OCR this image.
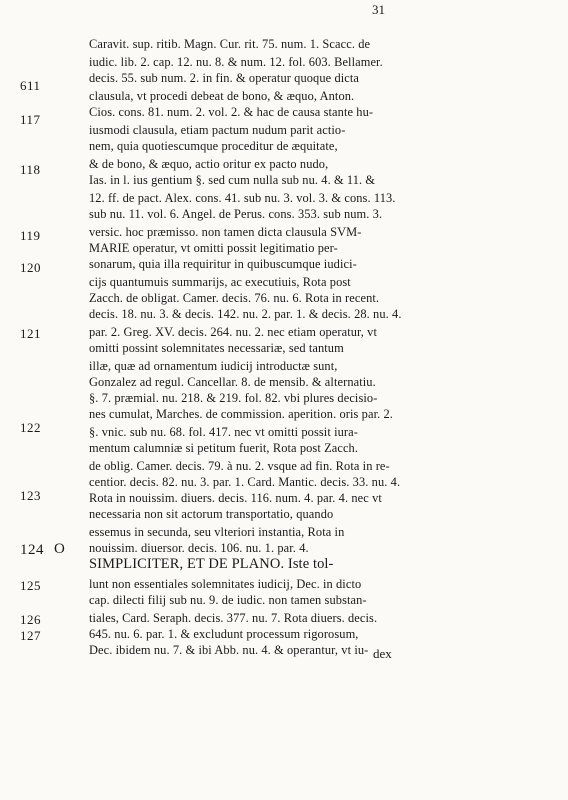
31
Caravit. sup. ritib. Magn. Cur. rit. 75. num. 1. Scacc. de
iudic. lib. 2. cap. 12. nu. 8. & num. 12. fol. 603. Bellamer.
decis. 55. sub num. 2. in fin. & operatur quoque dicta
clausula, vt procedi debeat de bono, & æquo, Anton.
Cios. cons. 81. num. 2. vol. 2. & hac de causa stante hu-
iusmodi clausula, etiam pactum nudum parit actio-
nem, quia quotiescumque proceditur de æquitate,
& de bono, & æquo, actio oritur ex pacto nudo,
Ias. in l. ius gentium §. sed cum nulla sub nu. 4. & 11. &
12. ff. de pact. Alex. cons. 41. sub nu. 3. vol. 3. & cons. 113.
sub nu. 11. vol. 6. Angel. de Perus. cons. 353. sub num. 3.
versic. hoc præmisso. non tamen dicta clausula SVM-
MARIE operatur, vt omitti possit legitimatio per-
sonarum, quia illa requiritur in quibuscumque iudici-
cijs quantumuis summarijs, ac executiuis, Rota post
Zacch. de obligat. Camer. decis. 76. nu. 6. Rota in recent.
decis. 18. nu. 3. & decis. 142. nu. 2. par. 1. & decis. 28. nu. 4.
par. 2. Greg. XV. decis. 264. nu. 2. nec etiam operatur, vt
omitti possint solemnitates necessariæ, sed tantum
illæ, quæ ad ornamentum iudicij introductæ sunt,
Gonzalez ad regul. Cancellar. 8. de mensib. & alternatiu.
§. 7. præmial. nu. 218. & 219. fol. 82. vbi plures decisio-
nes cumulat, Marches. de commission. aperition. oris par. 2.
§. vnic. sub nu. 68. fol. 417. nec vt omitti possit iura-
mentum calumniæ si petitum fuerit, Rota post Zacch.
de oblig. Camer. decis. 79. à nu. 2. vsque ad fin. Rota in re-
centior. decis. 82. nu. 3. par. 1. Card. Mantic. decis. 33. nu. 4.
Rota in nouissim. diuers. decis. 116. num. 4. par. 4. nec vt
necessaria non sit actorum transportatio, quando
essemus in secunda, seu vlteriori instantia, Rota in
nouissim. diuersor. decis. 106. nu. 1. par. 4.
SIMPLICITER, ET DE PLANO. Iste tol-
lunt non essentiales solemnitates iudicij, Dec. in dicto
cap. dilecti filij sub nu. 9. de iudic. non tamen substan-
tiales, Card. Seraph. decis. 377. nu. 7. Rota diuers. decis.
645. nu. 6. par. 1. & excludunt processum rigorosum,
Dec. ibidem nu. 7. & ibi Abb. nu. 4. & operantur, vt iu-
611
117
118
119
120
121
122
123
124
125
126
127
O
dex
